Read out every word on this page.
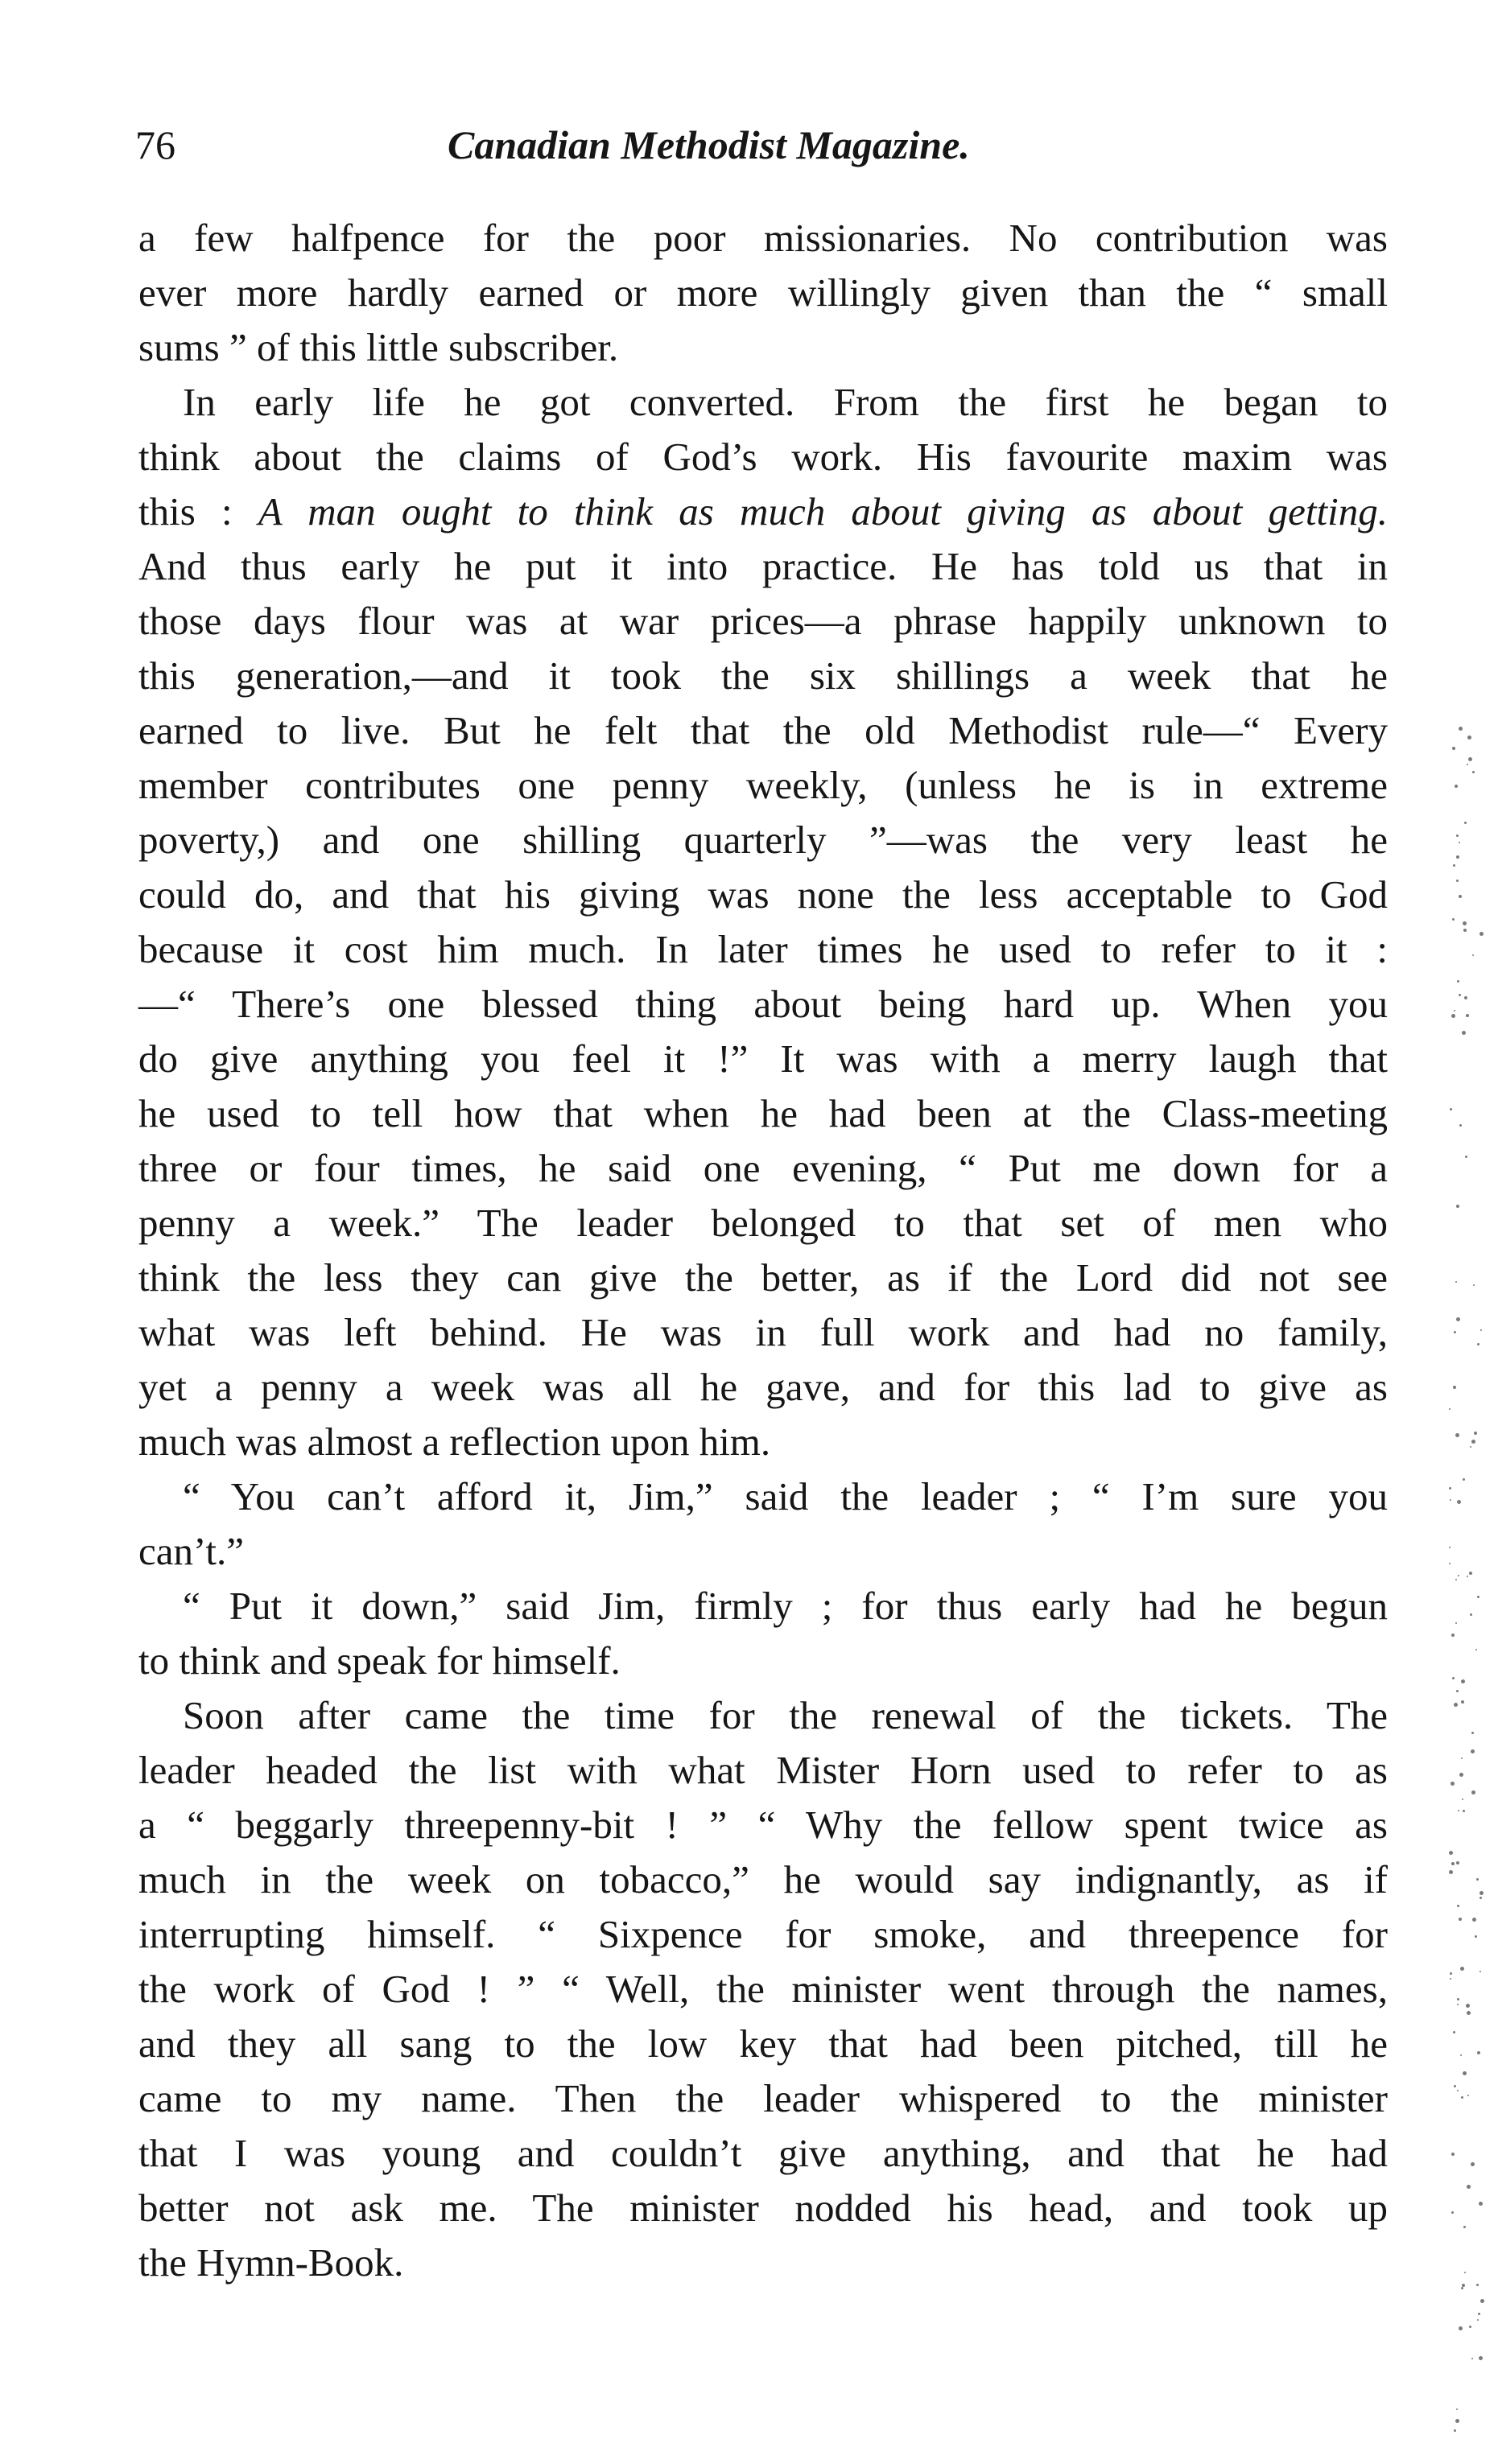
76	Canadian Methodist Magazine.
a few halfpence for the poor missionaries. No contribution was
ever more hardly earned or more willingly given than the “ small
sums ” of this little subscriber.
In early life he got converted. From the first he began to
think about the claims of God’s work. His favourite maxim was
this : A man ought to think as much about giving as about getting.
And thus early he put it into practice. He has told us that in
those days flour was at war prices—a phrase happily unknown to
this generation,—and it took the six shillings a week that he
earned to live. But he felt that the old Methodist rule—“ Every
member contributes one penny weekly, (unless he is in extreme
poverty,) and one shilling quarterly ”—was the very least he
could do, and that his giving was none the less acceptable to God
because it cost him much. In later times he used to refer to it :
—“ There’s one blessed thing about being hard up. When you
do give anything you feel it !” It was with a merry laugh that
he used to tell how that when he had been at the Class-meeting
three or four times, he said one evening, “ Put me down for a
penny a week.” The leader belonged to that set of men who
think the less they can give the better, as if the Lord did not see
what was left behind. He was in full work and had no family,
yet a penny a week was all he gave, and for this lad to give as
much was almost a reflection upon him.
“ You can’t afford it, Jim,” said the leader ; “ I’m sure you
can’t.”
“ Put it down,” said Jim, firmly ; for thus early had he begun
to think and speak for himself.
Soon after came the time for the renewal of the tickets. The
leader headed the list with what Mister Horn used to refer to as
a “ beggarly threepenny-bit ! ” “ Why the fellow spent twice as
much in the week on tobacco,” he would say indignantly, as if
interrupting himself. “ Sixpence for smoke, and threepence for
the work of God ! ” “ Well, the minister went through the names,
and they all sang to the low key that had been pitched, till he
came to my name. Then the leader whispered to the minister
that I was young and couldn’t give anything, and that he had
better not ask me. The minister nodded his head, and took up
the Hymn-Book.
